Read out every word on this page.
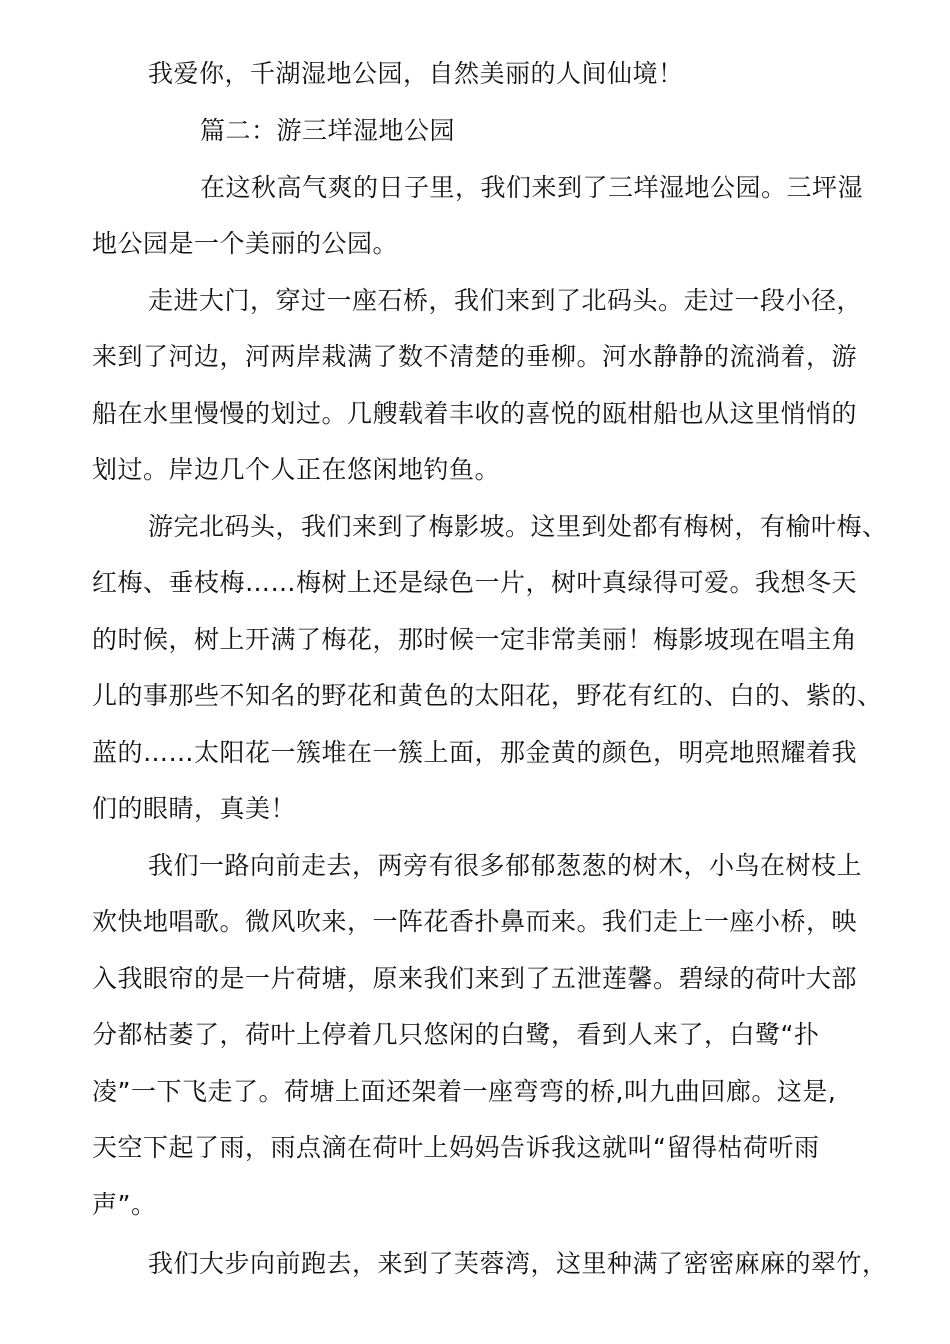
我爱你，千湖湿地公园，自然美丽的人间仙境！
篇二：游三垟湿地公园
在这秋高气爽的日子里，我们来到了三垟湿地公园。三坪湿
地公园是一个美丽的公园。
走进大门，穿过一座石桥，我们来到了北码头。走过一段小径，
来到了河边，河两岸栽满了数不清楚的垂柳。河水静静的流淌着，游
船在水里慢慢的划过。几艘载着丰收的喜悦的瓯柑船也从这里悄悄的
划过。岸边几个人正在悠闲地钓鱼。
游完北码头，我们来到了梅影坡。这里到处都有梅树，有榆叶梅、
红梅、垂枝梅……梅树上还是绿色一片，树叶真绿得可爱。我想冬天
的时候，树上开满了梅花，那时候一定非常美丽！梅影坡现在唱主角
儿的事那些不知名的野花和黄色的太阳花，野花有红的、白的、紫的、
蓝的……太阳花一簇堆在一簇上面，那金黄的颜色，明亮地照耀着我
们的眼睛，真美！
我们一路向前走去，两旁有很多郁郁葱葱的树木，小鸟在树枝上
欢快地唱歌。微风吹来，一阵花香扑鼻而来。我们走上一座小桥，映
入我眼帘的是一片荷塘，原来我们来到了五泄莲馨。碧绿的荷叶大部
分都枯萎了，荷叶上停着几只悠闲的白鹭，看到人来了，白鹭“扑
凌”一下飞走了。荷塘上面还架着一座弯弯的桥,叫九曲回廊。这是,
天空下起了雨，雨点滴在荷叶上妈妈告诉我这就叫“留得枯荷听雨
声”。
我们大步向前跑去，来到了芙蓉湾，这里种满了密密麻麻的翠竹，
